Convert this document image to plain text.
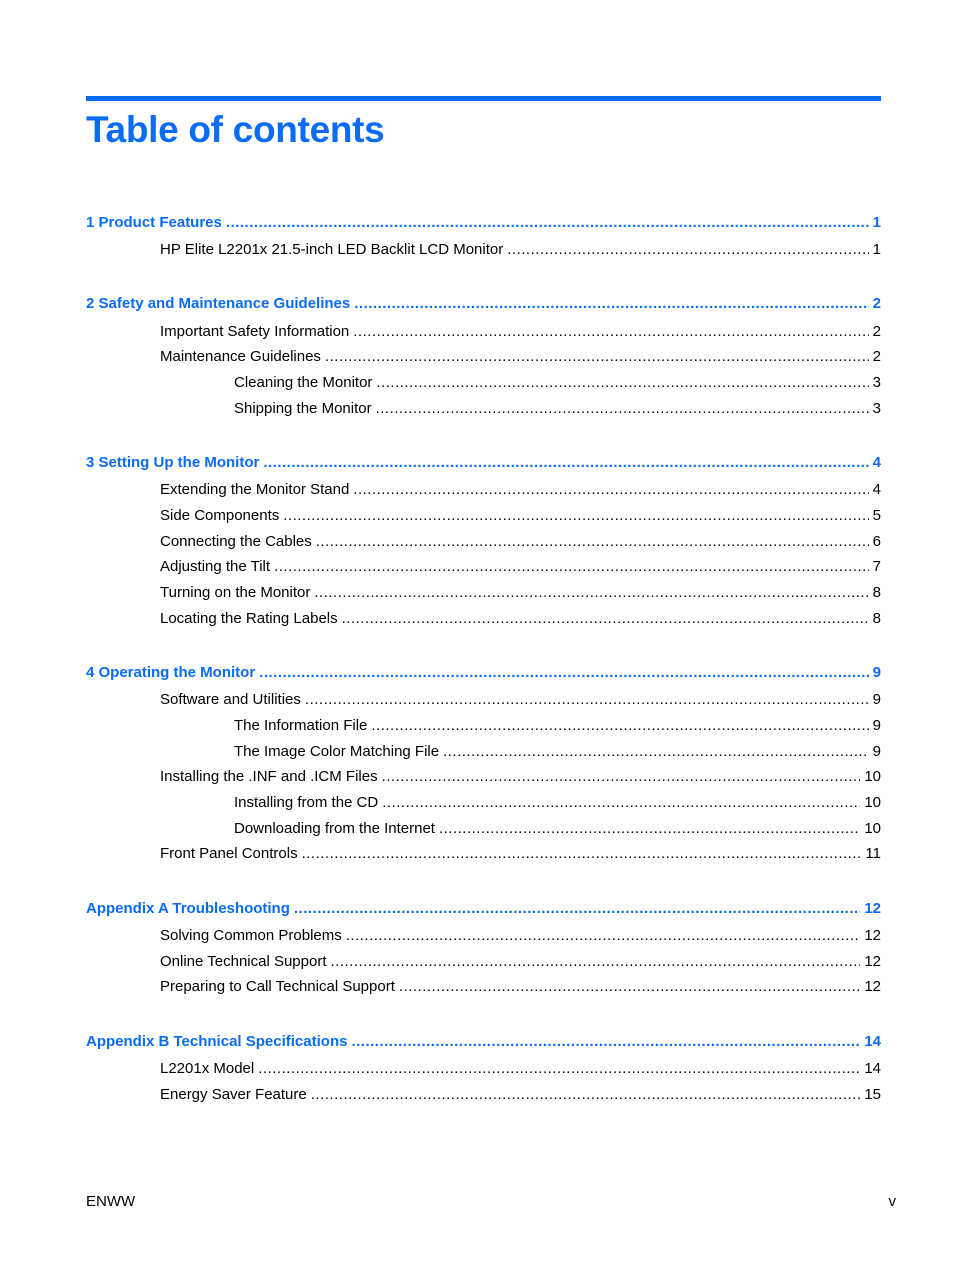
Table of contents
1 Product Features .....	1
HP Elite L2201x 21.5-inch LED Backlit LCD Monitor .....	1
2 Safety and Maintenance Guidelines .....	2
Important Safety Information .....	2
Maintenance Guidelines .....	2
Cleaning the Monitor .....	3
Shipping the Monitor .....	3
3 Setting Up the Monitor .....	4
Extending the Monitor Stand .....	4
Side Components .....	5
Connecting the Cables .....	6
Adjusting the Tilt .....	7
Turning on the Monitor .....	8
Locating the Rating Labels .....	8
4 Operating the Monitor .....	9
Software and Utilities .....	9
The Information File .....	9
The Image Color Matching File .....	9
Installing the .INF and .ICM Files .....	10
Installing from the CD .....	10
Downloading from the Internet .....	10
Front Panel Controls .....	11
Appendix A Troubleshooting .....	12
Solving Common Problems .....	12
Online Technical Support .....	12
Preparing to Call Technical Support .....	12
Appendix B Technical Specifications .....	14
L2201x Model .....	14
Energy Saver Feature .....	15
ENWW	v
